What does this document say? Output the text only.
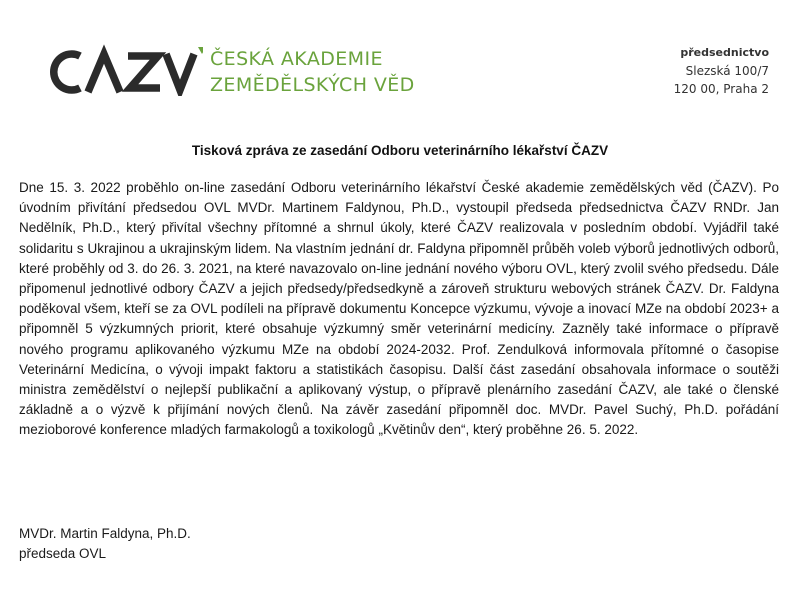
ČESKÁ AKADEMIE
ZEMĚDĚLSKÝCH VĚD
předsednictvo
Slezská 100/7
120 00, Praha 2
Tisková zpráva ze zasedání Odboru veterinárního lékařství ČAZV

Dne 15. 3. 2022 proběhlo on-line zasedání Odboru veterinárního lékařství České akademie zemědělských věd (ČAZV). Po úvodním přivítání předsedou OVL MVDr. Martinem Faldynou, Ph.D., vystoupil předseda předsednictva ČAZV RNDr. Jan Nedělník, Ph.D., který přivítal všechny přítomné a shrnul úkoly, které ČAZV realizovala v posledním období. Vyjádřil také solidaritu s Ukrajinou a ukrajinským lidem. Na vlastním jednání dr. Faldyna připomněl průběh voleb výborů jednotlivých odborů, které proběhly od 3. do 26. 3. 2021, na které navazovalo on-line jednání nového výboru OVL, který zvolil svého předsedu. Dále připomenul jednotlivé odbory ČAZV a jejich předsedy/předsedkyně a zároveň strukturu webových stránek ČAZV. Dr. Faldyna poděkoval všem, kteří se za OVL podíleli na přípravě dokumentu Koncepce výzkumu, vývoje a inovací MZe na období 2023+ a připomněl 5 výzkumných priorit, které obsahuje výzkumný směr veterinární medicíny. Zazněly také informace o přípravě nového programu aplikovaného výzkumu MZe na období 2024-2032. Prof. Zendulková informovala přítomné o časopise Veterinární Medicína, o vývoji impakt faktoru a statistikách časopisu. Další část zasedání obsahovala informace o soutěži ministra zemědělství o nejlepší publikační a aplikovaný výstup, o přípravě plenárního zasedání ČAZV, ale také o členské základně a o výzvě k přijímání nových členů. Na závěr zasedání připomněl doc. MVDr. Pavel Suchý, Ph.D. pořádání mezioborové konference mladých farmakologů a toxikologů „Květinův den“, který proběhne 26. 5. 2022.

MVDr. Martin Faldyna, Ph.D.
předseda OVL
